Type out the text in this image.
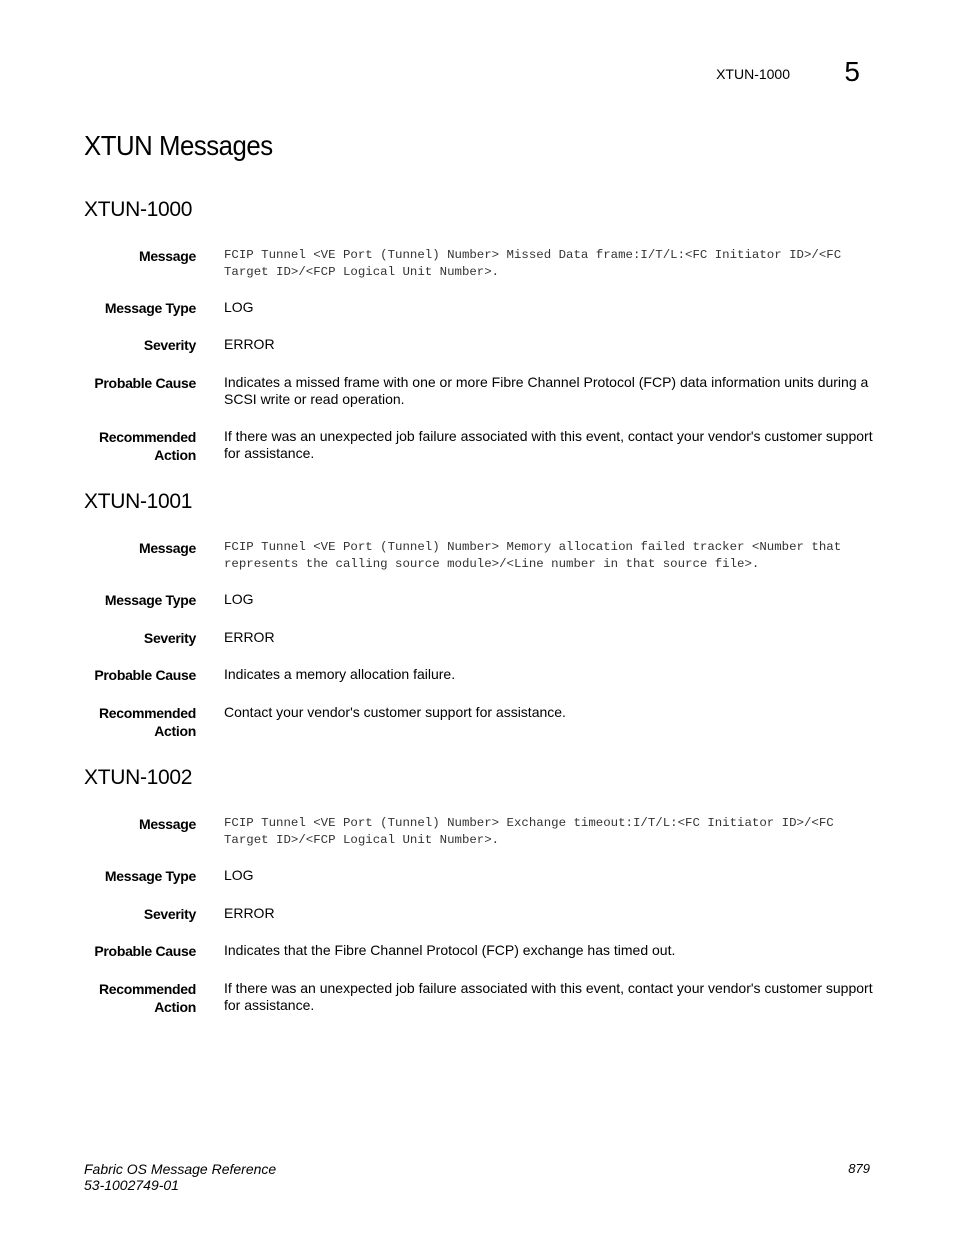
XTUN-1000 5
XTUN Messages
XTUN-1000
Message FCIP Tunnel <VE Port (Tunnel) Number> Missed Data frame:I/T/L:<FC Initiator ID>/<FC Target ID>/<FCP Logical Unit Number>.
Message Type LOG
Severity ERROR
Probable Cause Indicates a missed frame with one or more Fibre Channel Protocol (FCP) data information units during a SCSI write or read operation.
Recommended
Action
If there was an unexpected job failure associated with this event, contact your vendor's customer support for assistance.
XTUN-1001
Message FCIP Tunnel <VE Port (Tunnel) Number> Memory allocation failed tracker <Number that represents the calling source module>/<Line number in that source file>.
Message Type LOG
Severity ERROR
Probable Cause Indicates a memory allocation failure.
Recommended
Action
Contact your vendor's customer support for assistance.
XTUN-1002
Message FCIP Tunnel <VE Port (Tunnel) Number> Exchange timeout:I/T/L:<FC Initiator ID>/<FC Target ID>/<FCP Logical Unit Number>.
Message Type LOG
Severity ERROR
Probable Cause Indicates that the Fibre Channel Protocol (FCP) exchange has timed out.
Recommended
Action
If there was an unexpected job failure associated with this event, contact your vendor's customer support for assistance.
Fabric OS Message Reference
53-1002749-01
879
